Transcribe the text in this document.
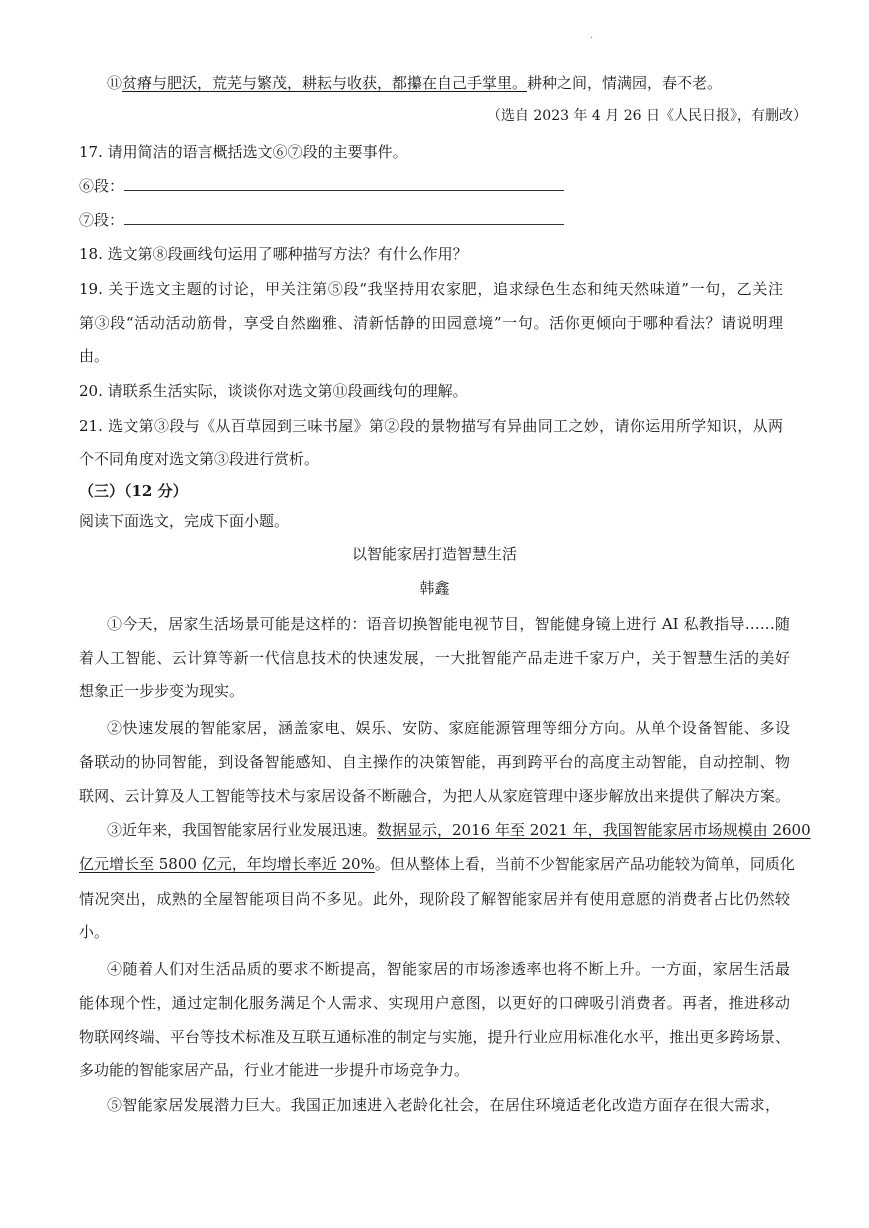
.
⑪贫瘠与肥沃，荒芜与繁茂，耕耘与收获，都攥在自己手掌里。耕种之间，情满园，春不老。
（选自 2023 年 4 月 26 日《人民日报》，有删改）
17. 请用简洁的语言概括选文⑥⑦段的主要事件。
⑥段：
⑦段：
18. 选文第⑧段画线句运用了哪种描写方法？有什么作用？
19. 关于选文主题的讨论，甲关注第⑤段“我坚持用农家肥，追求绿色生态和纯天然味道”一句，乙关注
第③段“活动活动筋骨，享受自然幽雅、清新恬静的田园意境”一句。活你更倾向于哪种看法？请说明理
由。
20. 请联系生活实际，谈谈你对选文第⑪段画线句的理解。
21. 选文第③段与《从百草园到三味书屋》第②段的景物描写有异曲同工之妙，请你运用所学知识，从两
个不同角度对选文第③段进行赏析。
（三）（12 分）
阅读下面选文，完成下面小题。
以智能家居打造智慧生活
韩鑫
①今天，居家生活场景可能是这样的：语音切换智能电视节目，智能健身镜上进行 AI 私教指导……随
着人工智能、云计算等新一代信息技术的快速发展，一大批智能产品走进千家万户，关于智慧生活的美好
想象正一步步变为现实。
②快速发展的智能家居，涵盖家电、娱乐、安防、家庭能源管理等细分方向。从单个设备智能、多设
备联动的协同智能，到设备智能感知、自主操作的决策智能，再到跨平台的高度主动智能，自动控制、物
联网、云计算及人工智能等技术与家居设备不断融合，为把人从家庭管理中逐步解放出来提供了解决方案。
③近年来，我国智能家居行业发展迅速。数据显示，2016 年至 2021 年，我国智能家居市场规模由 2600
亿元增长至 5800 亿元，年均增长率近 20%。但从整体上看，当前不少智能家居产品功能较为简单，同质化
情况突出，成熟的全屋智能项目尚不多见。此外，现阶段了解智能家居并有使用意愿的消费者占比仍然较
小。
④随着人们对生活品质的要求不断提高，智能家居的市场渗透率也将不断上升。一方面，家居生活最
能体现个性，通过定制化服务满足个人需求、实现用户意图，以更好的口碑吸引消费者。再者，推进移动
物联网终端、平台等技术标准及互联互通标准的制定与实施，提升行业应用标准化水平，推出更多跨场景、
多功能的智能家居产品，行业才能进一步提升市场竞争力。
⑤智能家居发展潜力巨大。我国正加速进入老龄化社会，在居住环境适老化改造方面存在很大需求，
